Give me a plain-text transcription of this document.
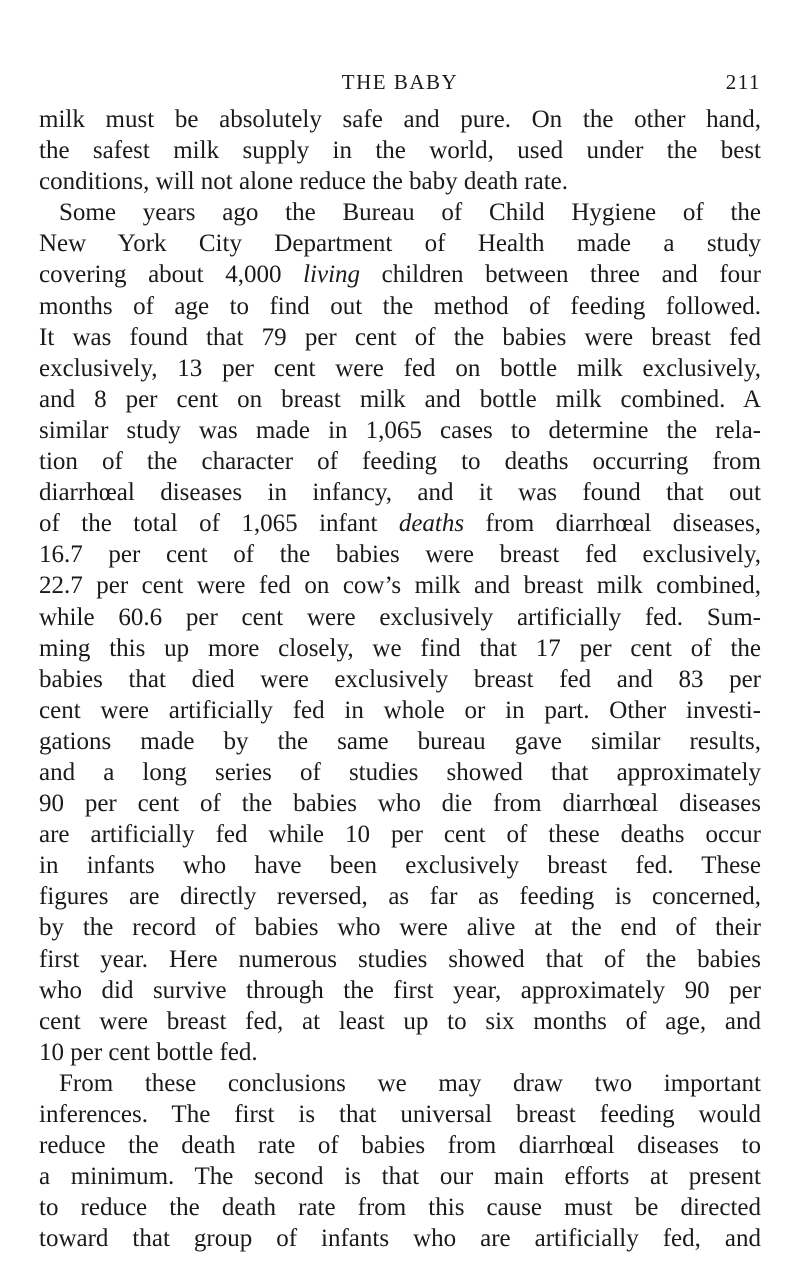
THE BABY	211
milk must be absolutely safe and pure. On the other hand,
the safest milk supply in the world, used under the best
conditions, will not alone reduce the baby death rate.
Some years ago the Bureau of Child Hygiene of the
New York City Department of Health made a study
covering about 4,000 living children between three and four
months of age to find out the method of feeding followed.
It was found that 79 per cent of the babies were breast fed
exclusively, 13 per cent were fed on bottle milk exclusively,
and 8 per cent on breast milk and bottle milk combined. A
similar study was made in 1,065 cases to determine the rela-
tion of the character of feeding to deaths occurring from
diarrhœal diseases in infancy, and it was found that out
of the total of 1,065 infant deaths from diarrhœal diseases,
16.7 per cent of the babies were breast fed exclusively,
22.7 per cent were fed on cow’s milk and breast milk combined,
while 60.6 per cent were exclusively artificially fed. Sum-
ming this up more closely, we find that 17 per cent of the
babies that died were exclusively breast fed and 83 per
cent were artificially fed in whole or in part. Other investi-
gations made by the same bureau gave similar results,
and a long series of studies showed that approximately
90 per cent of the babies who die from diarrhœal diseases
are artificially fed while 10 per cent of these deaths occur
in infants who have been exclusively breast fed. These
figures are directly reversed, as far as feeding is concerned,
by the record of babies who were alive at the end of their
first year. Here numerous studies showed that of the babies
who did survive through the first year, approximately 90 per
cent were breast fed, at least up to six months of age, and
10 per cent bottle fed.
From these conclusions we may draw two important
inferences. The first is that universal breast feeding would
reduce the death rate of babies from diarrhœal diseases to
a minimum. The second is that our main efforts at present
to reduce the death rate from this cause must be directed
toward that group of infants who are artificially fed, and
